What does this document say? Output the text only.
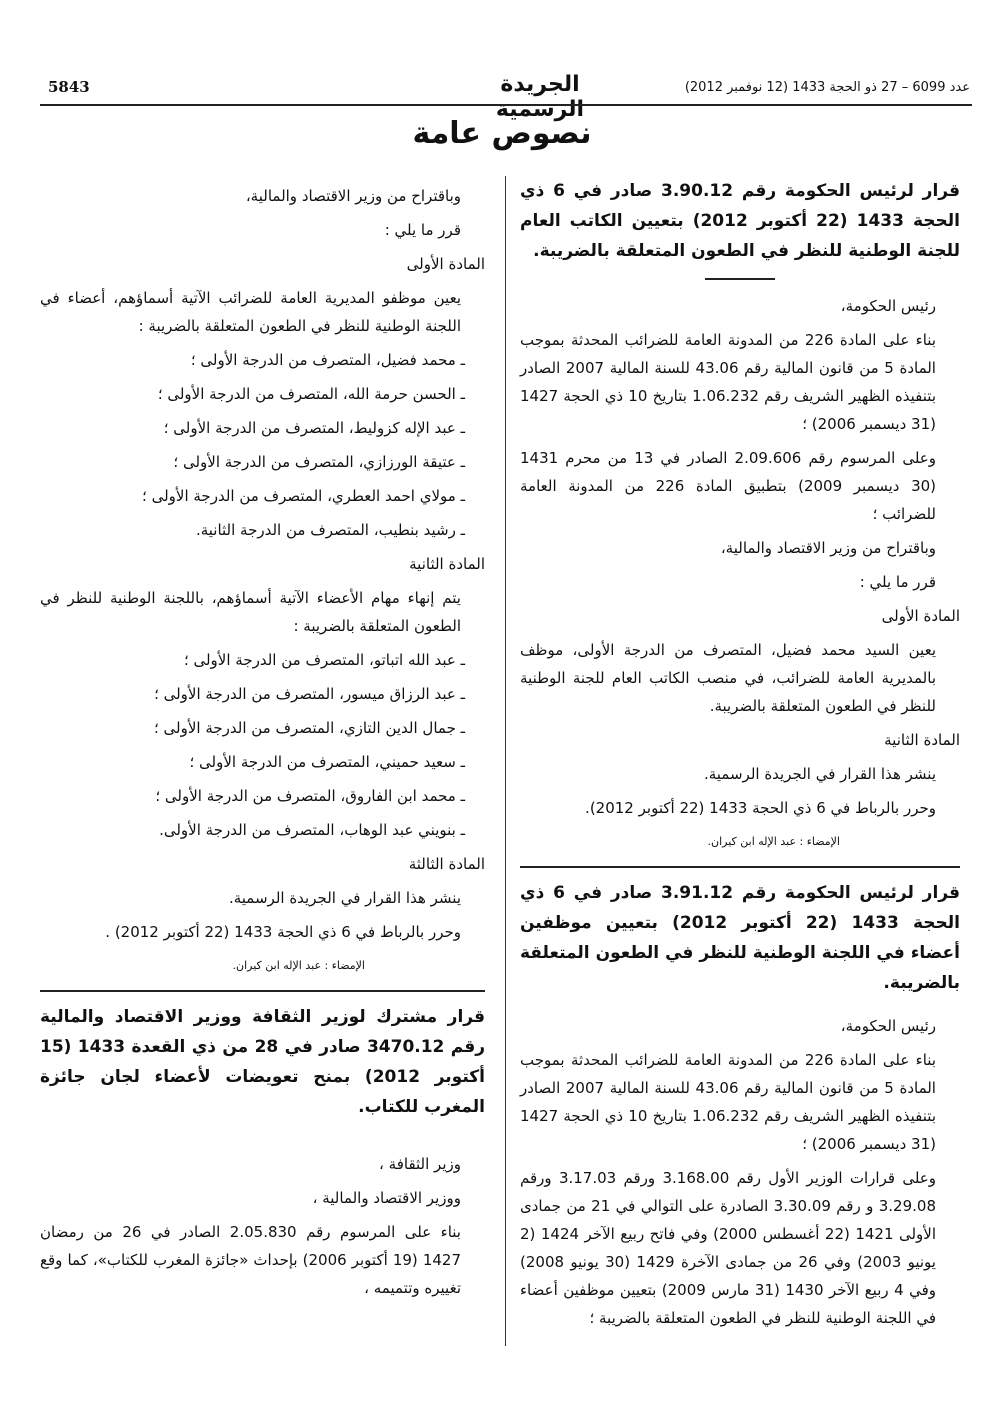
5843	الجريدة الرسمية
عدد 6099 – 27 ذو الحجة 1433 (12 نوفمبر 2012)
نصوص عامة
قرار لرئيس الحكومة رقم 3.90.12 صادر في 6 ذي الحجة 1433 (22 أكتوبر 2012) بتعيين الكاتب العام للجنة الوطنية للنظر في الطعون المتعلقة بالضريبة.

رئيس الحكومة،

بناء على المادة 226 من المدونة العامة للضرائب المحدثة بموجب المادة 5 من قانون المالية رقم 43.06 للسنة المالية 2007 الصادر بتنفيذه الظهير الشريف رقم 1.06.232 بتاريخ 10 ذي الحجة 1427 (31 ديسمبر 2006) ؛

وعلى المرسوم رقم 2.09.606 الصادر في 13 من محرم 1431 (30 ديسمبر 2009) بتطبيق المادة 226 من المدونة العامة للضرائب ؛

وباقتراح من وزير الاقتصاد والمالية،

قرر ما يلي :

المادة الأولى

يعين السيد محمد فضيل، المتصرف من الدرجة الأولى، موظف بالمديرية العامة للضرائب، في منصب الكاتب العام للجنة الوطنية للنظر في الطعون المتعلقة بالضريبة.

المادة الثانية

ينشر هذا القرار في الجريدة الرسمية.

وحرر بالرباط في 6 ذي الحجة 1433 (22 أكتوبر 2012).

الإمضاء : عبد الإله ابن كيران.

قرار لرئيس الحكومة رقم 3.91.12 صادر في 6 ذي الحجة 1433 (22 أكتوبر 2012) بتعيين موظفين أعضاء في اللجنة الوطنية للنظر في الطعون المتعلقة بالضريبة.

رئيس الحكومة،

بناء على المادة 226 من المدونة العامة للضرائب المحدثة بموجب المادة 5 من قانون المالية رقم 43.06 للسنة المالية 2007 الصادر بتنفيذه الظهير الشريف رقم 1.06.232 بتاريخ 10 ذي الحجة 1427 (31 ديسمبر 2006) ؛

وعلى قرارات الوزير الأول رقم 3.168.00 ورقم 3.17.03 ورقم 3.29.08 و رقم 3.30.09 الصادرة على التوالي في 21 من جمادى الأولى 1421 (22 أغسطس 2000) وفي فاتح ربيع الآخر 1424 (2 يونيو 2003) وفي 26 من جمادى الآخرة 1429 (30 يونيو 2008) وفي 4 ربيع الآخر 1430 (31 مارس 2009) بتعيين موظفين أعضاء في اللجنة الوطنية للنظر في الطعون المتعلقة بالضريبة ؛

وباقتراح من وزير الاقتصاد والمالية،

قرر ما يلي :

المادة الأولى

يعين موظفو المديرية العامة للضرائب الآتية أسماؤهم، أعضاء في اللجنة الوطنية للنظر في الطعون المتعلقة بالضريبة :

ـ محمد فضيل، المتصرف من الدرجة الأولى ؛

ـ الحسن حرمة الله، المتصرف من الدرجة الأولى ؛

ـ عبد الإله كزوليط، المتصرف من الدرجة الأولى ؛

ـ عتيقة الورزازي، المتصرف من الدرجة الأولى ؛

ـ مولاي احمد العطري، المتصرف من الدرجة الأولى ؛

ـ رشيد بنطيب، المتصرف من الدرجة الثانية.

المادة الثانية

يتم إنهاء مهام الأعضاء الآتية أسماؤهم، باللجنة الوطنية للنظر في الطعون المتعلقة بالضريبة :

ـ عبد الله اتباتو، المتصرف من الدرجة الأولى ؛

ـ عبد الرزاق ميسور، المتصرف من الدرجة الأولى ؛

ـ جمال الدين التازي، المتصرف من الدرجة الأولى ؛

ـ سعيد حميني، المتصرف من الدرجة الأولى ؛

ـ محمد ابن الفاروق، المتصرف من الدرجة الأولى ؛

ـ بنويني عبد الوهاب، المتصرف من الدرجة الأولى.

المادة الثالثة

ينشر هذا القرار في الجريدة الرسمية.

وحرر بالرباط في 6 ذي الحجة 1433 (22 أكتوبر 2012) .

الإمضاء : عبد الإله ابن كيران.

قرار مشترك لوزير الثقافة ووزير الاقتصاد والمالية رقم 3470.12 صادر في 28 من ذي القعدة 1433 (15 أكتوبر 2012) بمنح تعويضات لأعضاء لجان جائزة المغرب للكتاب.

وزير الثقافة ،

ووزير الاقتصاد والمالية ،

بناء على المرسوم رقم 2.05.830 الصادر في 26 من رمضان 1427 (19 أكتوبر 2006) بإحداث «جائزة المغرب للكتاب»، كما وقع تغييره وتتميمه ،
